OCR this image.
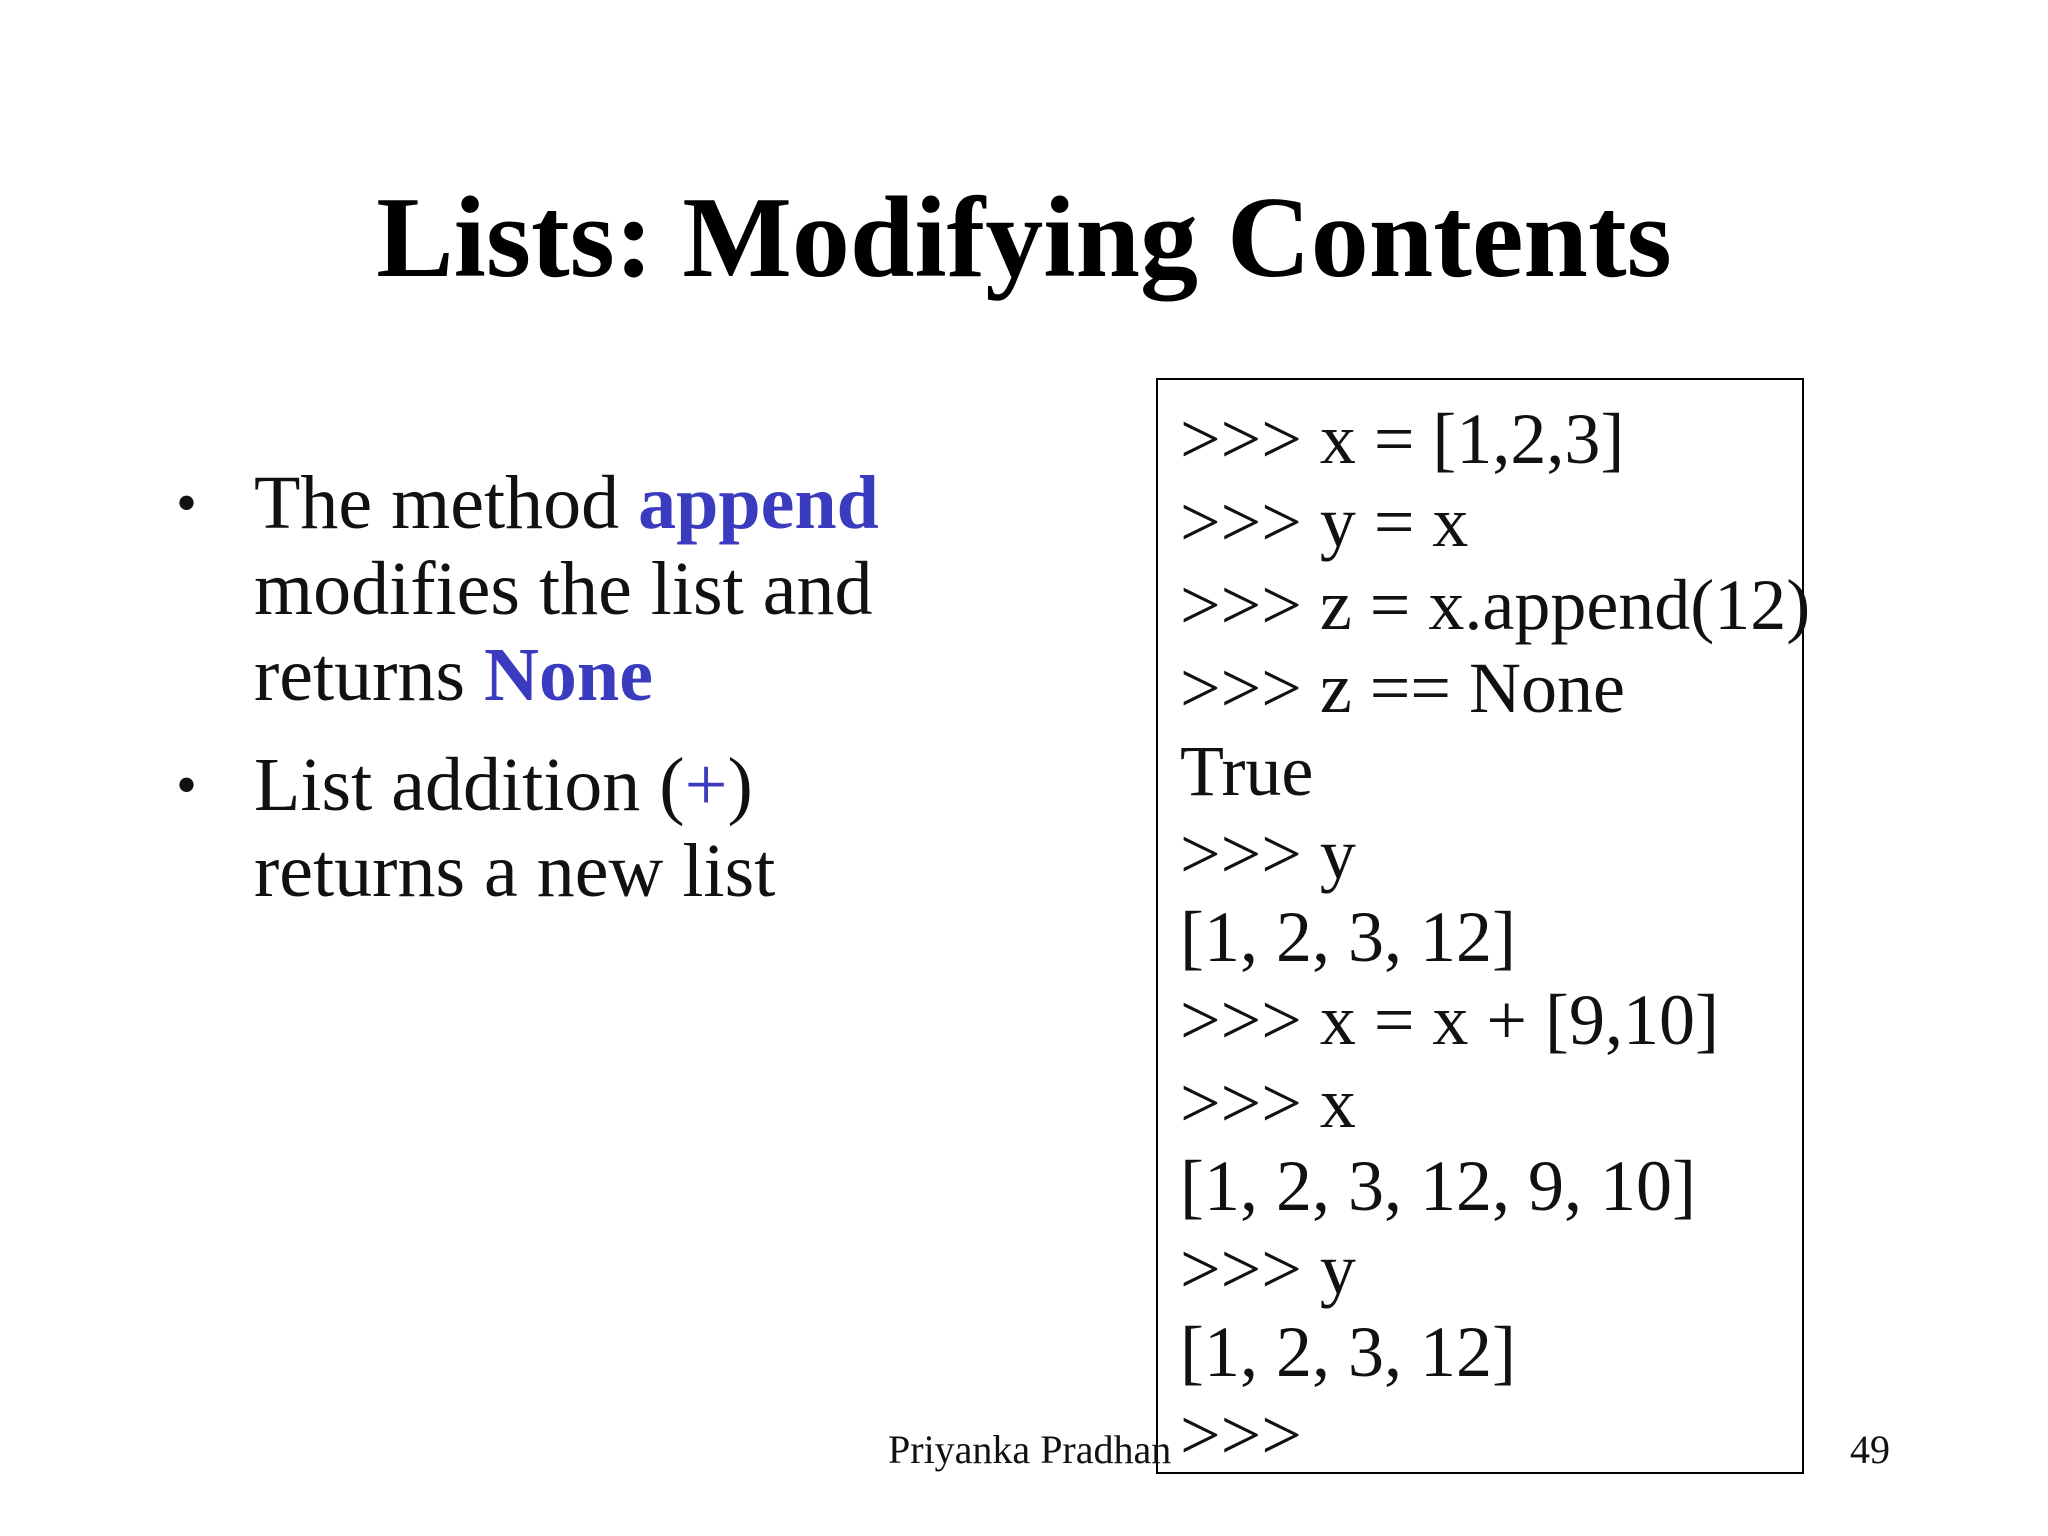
Lists: Modifying Contents
• The method append modifies the list and returns None
• List addition (+) returns a new list
>>> x = [1,2,3]
>>> y = x
>>> z = x.append(12)
>>> z == None
True
>>> y
[1, 2, 3, 12]
>>> x = x + [9,10]
>>> x
[1, 2, 3, 12, 9, 10]
>>> y
[1, 2, 3, 12]
>>>
Priyanka Pradhan	49
